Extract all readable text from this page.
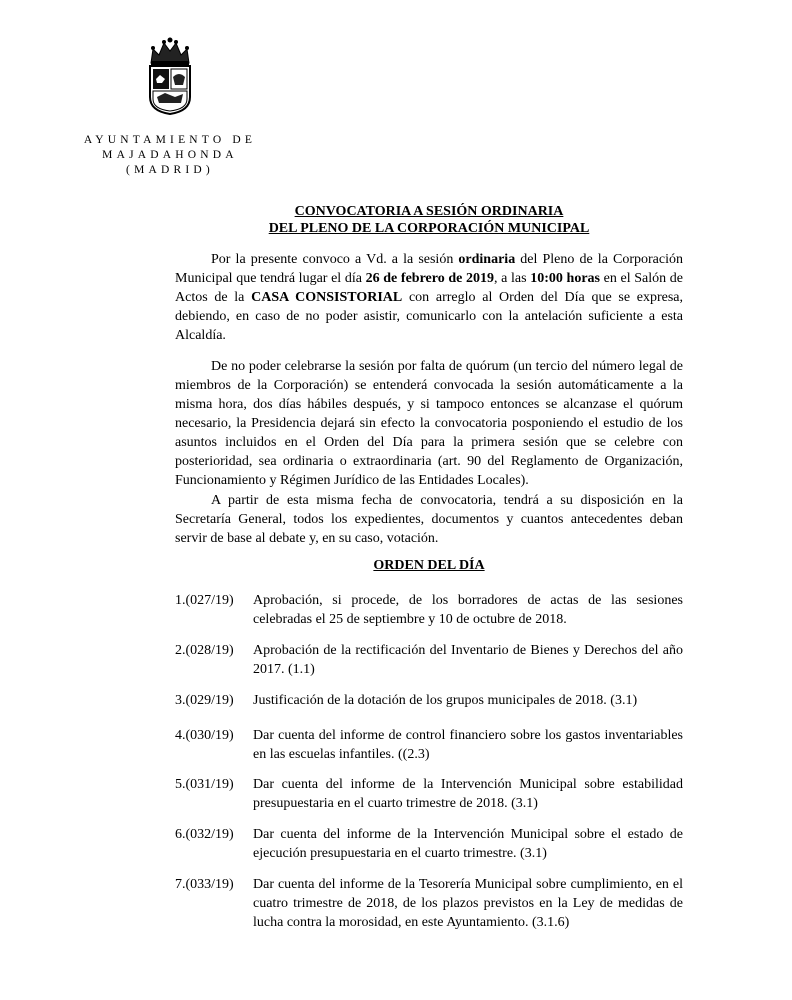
AYUNTAMIENTO DE
MAJADAHONDA
(MADRID)
CONVOCATORIA A SESIÓN ORDINARIA
DEL PLENO DE LA CORPORACIÓN MUNICIPAL
Por la presente convoco a Vd. a la sesión ordinaria del Pleno de la Corporación Municipal que tendrá lugar el día 26 de febrero de 2019, a las 10:00 horas en el Salón de Actos de la CASA CONSISTORIAL con arreglo al Orden del Día que se expresa, debiendo, en caso de no poder asistir, comunicarlo con la antelación suficiente a esta Alcaldía.
De no poder celebrarse la sesión por falta de quórum (un tercio del número legal de miembros de la Corporación) se entenderá convocada la sesión automáticamente a la misma hora, dos días hábiles después, y si tampoco entonces se alcanzase el quórum necesario, la Presidencia dejará sin efecto la convocatoria posponiendo el estudio de los asuntos incluidos en el Orden del Día para la primera sesión que se celebre con posterioridad, sea ordinaria o extraordinaria (art. 90 del Reglamento de Organización, Funcionamiento y Régimen Jurídico de las Entidades Locales).
A partir de esta misma fecha de convocatoria, tendrá a su disposición en la Secretaría General, todos los expedientes, documentos y cuantos antecedentes deban servir de base al debate y, en su caso, votación.
ORDEN DEL DÍA
1.(027/19)	Aprobación, si procede, de los borradores de actas de las sesiones celebradas el 25 de septiembre y 10 de octubre de 2018.
2.(028/19)	Aprobación de la rectificación del Inventario de Bienes y Derechos del año 2017. (1.1)
3.(029/19)	Justificación de la dotación de los grupos municipales de 2018. (3.1)
4.(030/19)	Dar cuenta del informe de control financiero sobre los gastos inventariables en las escuelas infantiles. ((2.3)
5.(031/19)	Dar cuenta del informe de la Intervención Municipal sobre estabilidad presupuestaria en el cuarto trimestre de 2018. (3.1)
6.(032/19)	Dar cuenta del informe de la Intervención Municipal sobre el estado de ejecución presupuestaria en el cuarto trimestre. (3.1)
7.(033/19)	Dar cuenta del informe de la Tesorería Municipal sobre cumplimiento, en el cuatro trimestre de 2018, de los plazos previstos en la Ley de medidas de lucha contra la morosidad, en este Ayuntamiento. (3.1.6)
